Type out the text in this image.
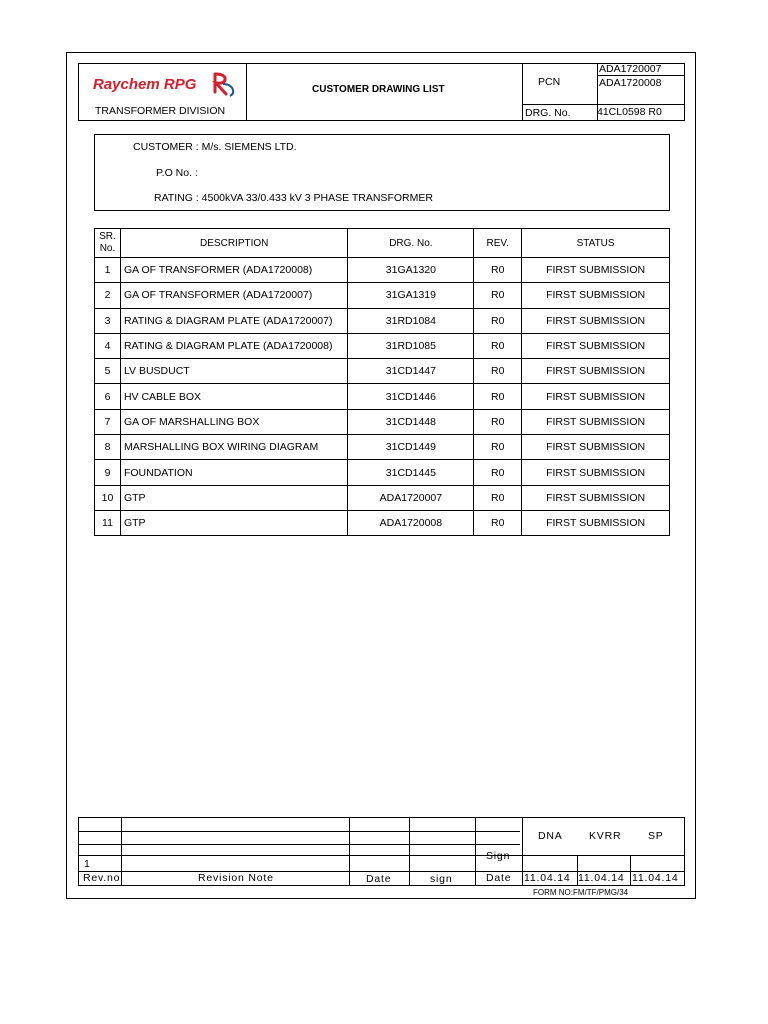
Raychem RPG
TRANSFORMER DIVISION
CUSTOMER DRAWING LIST
PCN
ADA1720007
ADA1720008
DRG. No.	41CL0598 R0
CUSTOMER : M/s. SIEMENS LTD.
P.O No. :
RATING : 4500kVA 33/0.433 kV 3 PHASE TRANSFORMER
SR. No.	DESCRIPTION	DRG. No.	REV.	STATUS
1	GA OF TRANSFORMER (ADA1720008)	31GA1320	R0	FIRST SUBMISSION
2	GA OF TRANSFORMER (ADA1720007)	31GA1319	R0	FIRST SUBMISSION
3	RATING & DIAGRAM PLATE (ADA1720007)	31RD1084	R0	FIRST SUBMISSION
4	RATING & DIAGRAM PLATE (ADA1720008)	31RD1085	R0	FIRST SUBMISSION
5	LV BUSDUCT	31CD1447	R0	FIRST SUBMISSION
6	HV CABLE BOX	31CD1446	R0	FIRST SUBMISSION
7	GA OF MARSHALLING BOX	31CD1448	R0	FIRST SUBMISSION
8	MARSHALLING BOX WIRING DIAGRAM	31CD1449	R0	FIRST SUBMISSION
9	FOUNDATION	31CD1445	R0	FIRST SUBMISSION
10	GTP	ADA1720007	R0	FIRST SUBMISSION
11	GTP	ADA1720008	R0	FIRST SUBMISSION
1
Rev.no	Revision Note	Date	sign	Date
Sign
DNA	KVRR	SP
11.04.14 11.04.14 11.04.14
FORM NO:FM/TF/PMG/34
